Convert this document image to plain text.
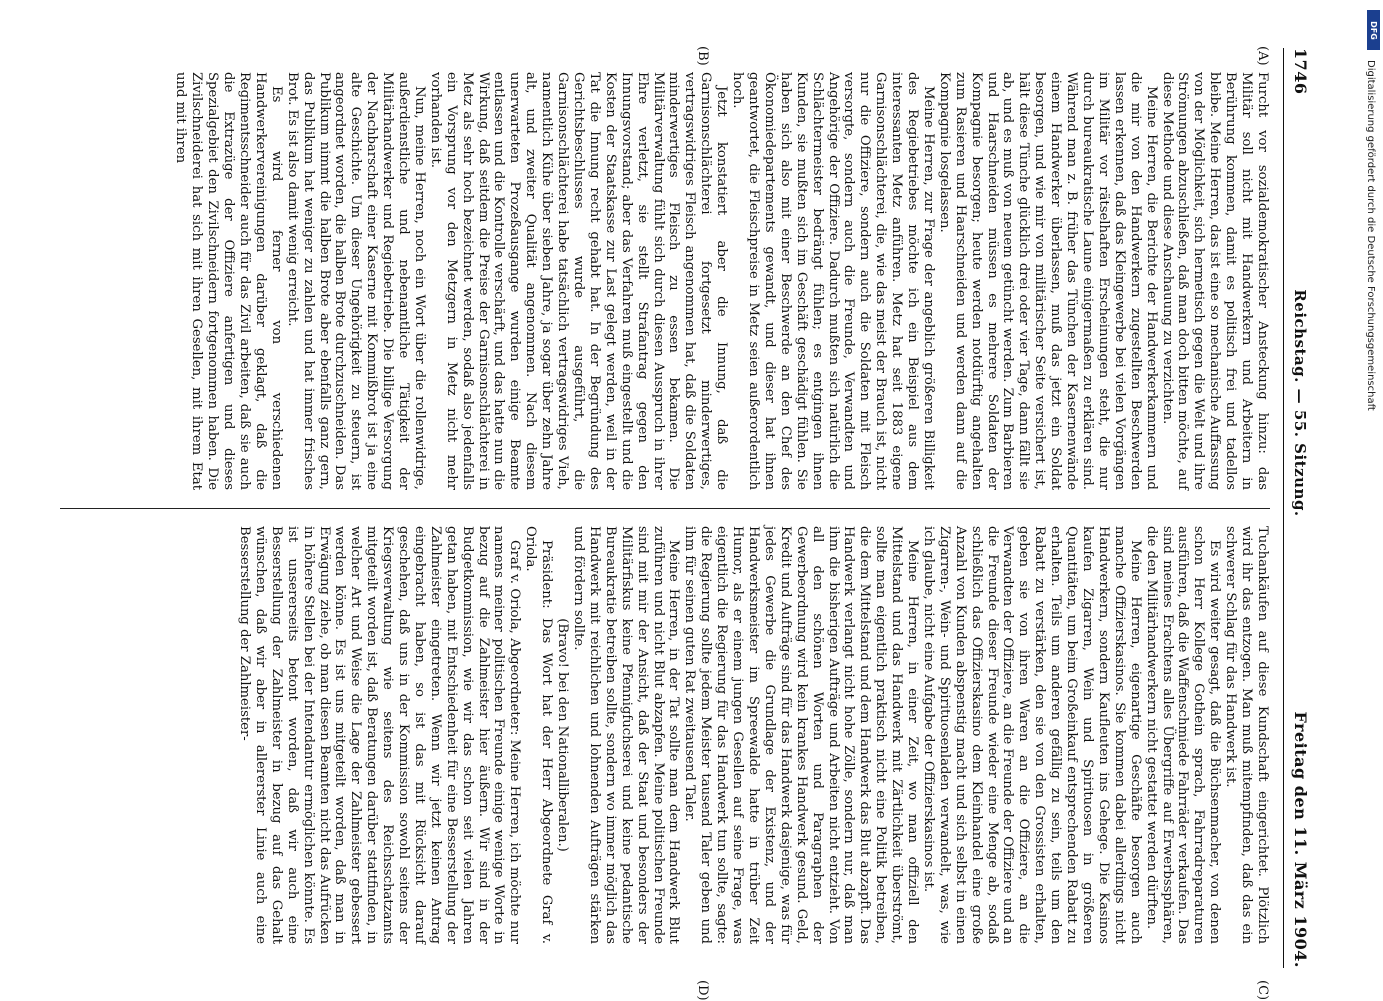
1746
Reichstag. — 55. Sitzung.
Freitag den 11. März 1904.
(A)
(B)
(C)
(D)

Furcht vor sozialdemokratischer Ansteckung hinzu: das Militär soll nicht mit Handwerkern und Arbeitern in Berührung kommen, damit es politisch frei und tadellos bleibe. Meine Herren, das ist eine so mechanische Auffassung von der Möglichkeit, sich hermetisch gegen die Welt und ihre Strömungen abzuschließen, daß man doch bitten möchte, auf diese Methode und diese Anschauung zu verzichten.

Meine Herren, die Berichte der Handwerkerkammern und die mir von den Handwerkern zugestellten Beschwerden lassen erkennen, daß das Kleingewerbe bei vielen Vorgängen im Militär vor rätselhaften Erscheinungen steht, die nur durch bureaukratische Laune einigermaßen zu erklären sind. Während man z. B. früher das Tünchen der Kasernenwände einem Handwerker überlassen, muß das jetzt ein Soldat besorgen, und wie mir von militärischer Seite versichert ist, hält diese Tünche glücklich drei oder vier Tage, dann fällt sie ab, und es muß von neuem getüncht werden. Zum Barbieren und Haarschneiden müssen es mehrere Soldaten der Kompagnie besorgen; heute werden notdürftig angehalten zum Rasieren und Haarschneiden und werden dann auf die Kompagnie losgelassen.

Meine Herren, zur Frage der angeblich größeren Billigkeit des Regiebetriebes möchte ich ein Beispiel aus dem interessanten Metz anführen. Metz hat seit 1883 eigene Garnisonschlächterei, die, wie das meist der Brauch ist, nicht nur die Offiziere, sondern auch die Soldaten mit Fleisch versorgte, sondern auch die Freunde, Verwandten und Angehörige der Offiziere. Dadurch mußten sich natürlich die Schlächtermeister bedrängt fühlen; es entgingen ihnen Kunden, sie mußten sich im Geschäft geschädigt fühlen. Sie haben sich also mit einer Beschwerde an den Chef des Ökonomiedepartements gewandt, und dieser hat ihnen geantwortet, die Fleischpreise in Metz seien außerordentlich hoch.

Jetzt konstatiert aber die Innung, daß die Garnisonschlächterei fortgesetzt minderwertiges, vertragswidriges Fleisch angenommen hat, daß die Soldaten minderwertiges Fleisch zu essen bekamen. Die Militärverwaltung fühlt sich durch diesen Ausspruch in ihrer Ehre verletzt, sie stellt Strafantrag gegen den Innungsvorstand; aber das Verfahren muß eingestellt und die Kosten der Staatskasse zur Last gelegt werden, weil in der Tat die Innung recht gehabt hat. In der Begründung des Gerichtsbeschlusses wurde ausgeführt, die Garnisonschlächterei habe tatsächlich vertragswidriges Vieh, namentlich Kühe über sieben Jahre, ja sogar über zehn Jahre alt, und zweiter Qualität angenommen. Nach diesem unerwarteten Prozeßausgange wurden einige Beamte entlassen und die Kontrolle verschärft, und das hatte nun die Wirkung, daß seitdem die Preise der Garnisonschlächterei in Metz als sehr hoch bezeichnet werden, sodaß also jedenfalls ein Vorsprung vor den Metzgern in Metz nicht mehr vorhanden ist.

Nun, meine Herren, noch ein Wort über die rollenwidrige, außerdienstliche und nebenamtliche Tätigkeit der Militärhandwerker und Regiebetriebe. Die billige Versorgung der Nachbarschaft einer Kaserne mit Kommißbrot ist ja eine alte Geschichte. Um dieser Ungehörigkeit zu steuern, ist angeordnet worden, die halben Brote durchzuschneiden. Das Publikum nimmt die halben Brote aber ebenfalls ganz gern, das Publikum hat weniger zu zahlen und hat immer frisches Brot. Es ist also damit wenig erreicht.

Es wird ferner von verschiedenen Handwerkervereinigungen darüber geklagt, daß die Regimentsschneider auch für das Zivil arbeiten, daß sie auch die Extrazüge der Offiziere anfertigen und dieses Spezialgebiet den Zivilschneidern fortgenommen haben. Die Zivilschneiderei hat sich mit ihren Gesellen, mit ihrem Etat und mit ihren

Tuchankäufen auf diese Kundschaft eingerichtet. Plötzlich wird ihr das entzogen. Man muß mitempfinden, daß das ein schwerer Schlag für das Handwerk ist.

Es wird weiter gesagt, daß die Büchsenmacher, von denen schon Herr Kollege Gothein sprach, Fahrradreparaturen ausführen, daß die Waffenschmiede Fahrräder verkaufen. Das sind meines Erachtens alles Übergriffe auf Erwerbssphären, die den Militärhandwerkern nicht gestattet werden dürften.

Meine Herren, eigenartige Geschäfte besorgen auch manche Offizierskasinos. Sie kommen dabei allerdings nicht Handwerkern, sondern Kaufleuten ins Gehege. Die Kasinos kaufen Zigarren, Wein und Spirituosen in größeren Quantitäten, um beim Großeinkauf entsprechenden Rabatt zu erhalten. Teils um anderen gefällig zu sein, teils um den Rabatt zu verstärken, den sie von den Grossisten erhalten, geben sie von ihren Waren an die Offiziere, an die Verwandten der Offiziere, an die Freunde der Offiziere und an die Freunde dieser Freunde wieder eine Menge ab, sodaß schließlich das Offizierskasino dem Kleinhandel eine große Anzahl von Kunden abspenstig macht und sich selbst in einen Zigarren-, Wein- und Spirituosenladen verwandelt, was, wie ich glaube, nicht eine Aufgabe der Offizierskasinos ist.

Meine Herren, in einer Zeit, wo man offiziell den Mittelstand und das Handwerk mit Zärtlichkeit überströmt, sollte man eigentlich praktisch nicht eine Politik betreiben, die dem Mittelstand und dem Handwerk das Blut abzapft. Das Handwerk verlangt nicht hohe Zölle, sondern nur, daß man ihm die bisherigen Aufträge und Arbeiten nicht entzieht. Von all den schönen Worten und Paragraphen der Gewerbeordnung wird kein krankes Handwerk gesund. Geld, Kredit und Aufträge sind für das Handwerk dasjenige, was für jedes Gewerbe die Grundlage der Existenz, und der Handwerksmeister im Spreewalde hatte in trüber Zeit Humor, als er einem jungen Gesellen auf seine Frage, was eigentlich die Regierung für das Handwerk tun sollte, sagte: die Regierung sollte jedem Meister tausend Taler geben und ihm für seinen guten Rat zweitausend Taler.

Meine Herren, in der Tat sollte man dem Handwerk Blut zuführen und nicht Blut abzapfen. Meine politischen Freunde sind mit mir der Ansicht, daß der Staat und besonders der Militärfiskus keine Pfennigfuchserei und keine pedantische Bureaukratie betreiben sollte, sondern wo immer möglich das Handwerk mit reichlichen und lohnenden Aufträgen stärken und fördern sollte.

(Bravo! bei den Nationalliberalen.)

Präsident: Das Wort hat der Herr Abgeordnete Graf v. Oriola.

Graf v. Oriola, Abgeordneter: Meine Herren, ich möchte nur namens meiner politischen Freunde einige wenige Worte in bezug auf die Zahlmeister hier äußern. Wir sind in der Budgetkommission, wie wir das schon seit vielen Jahren getan haben, mit Entschiedenheit für eine Besserstellung der Zahlmeister eingetreten. Wenn wir jetzt keinen Antrag eingebracht haben, so ist das mit Rücksicht darauf geschehen, daß uns in der Kommission sowohl seitens der Kriegsverwaltung wie seitens des Reichsschatzamts mitgeteilt worden ist, daß Beratungen darüber stattfinden, in welcher Art und Weise die Lage der Zahlmeister gebessert werden könne. Es ist uns mitgeteilt worden, daß man in Erwägung ziehe, ob man diesen Beamten nicht das Aufrücken in höhere Stellen bei der Intendantur ermöglichen könnte. Es ist unsererseits betont worden, daß wir auch eine Besserstellung der Zahlmeister in bezug auf das Gehalt wünschen, daß wir aber in allererster Linie auch eine Besserstellung der Zahlmeister-

DFG
Digitalisierung gefördert durch die Deutsche Forschungsgemeinschaft
